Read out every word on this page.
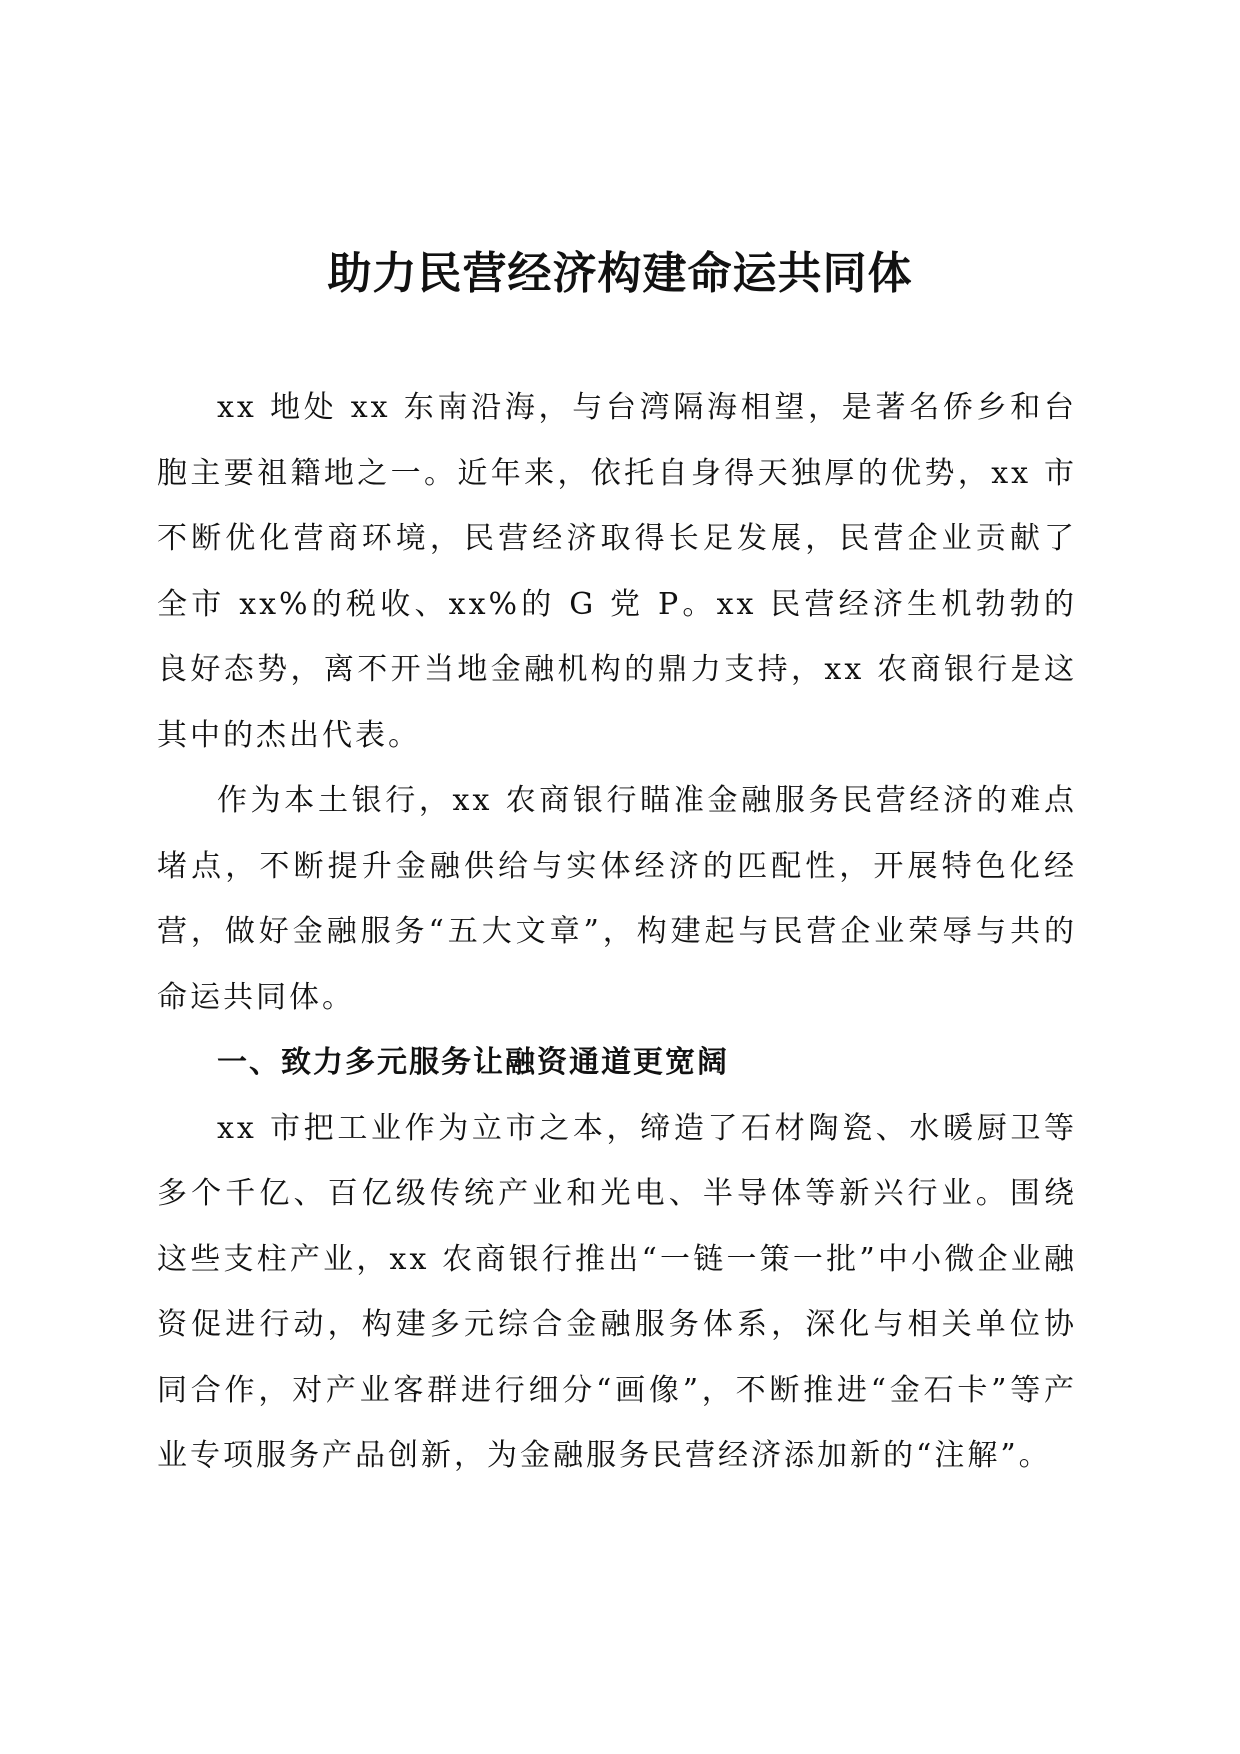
助力民营经济构建命运共同体

xx 地处 xx 东南沿海，与台湾隔海相望，是著名侨乡和台胞主要祖籍地之一。近年来，依托自身得天独厚的优势，xx 市不断优化营商环境，民营经济取得长足发展，民营企业贡献了全市 xx%的税收、xx%的 G 党 P。xx 民营经济生机勃勃的良好态势，离不开当地金融机构的鼎力支持，xx 农商银行是这其中的杰出代表。

作为本土银行，xx 农商银行瞄准金融服务民营经济的难点堵点，不断提升金融供给与实体经济的匹配性，开展特色化经营，做好金融服务“五大文章”，构建起与民营企业荣辱与共的命运共同体。

一、致力多元服务让融资通道更宽阔

xx 市把工业作为立市之本，缔造了石材陶瓷、水暖厨卫等多个千亿、百亿级传统产业和光电、半导体等新兴行业。围绕这些支柱产业，xx 农商银行推出“一链一策一批”中小微企业融资促进行动，构建多元综合金融服务体系，深化与相关单位协同合作，对产业客群进行细分“画像”，不断推进“金石卡”等产业专项服务产品创新，为金融服务民营经济添加新的“注解”。
